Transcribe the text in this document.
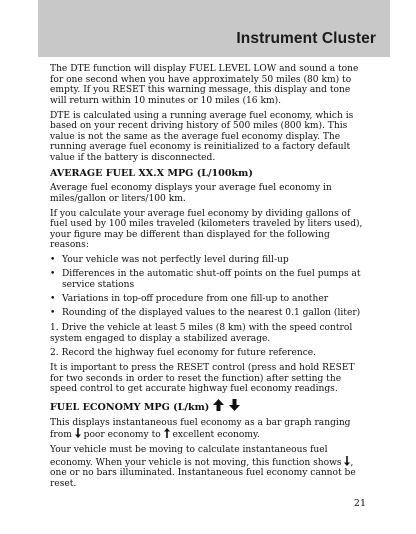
Instrument Cluster

The DTE function will display FUEL LEVEL LOW and sound a tone for one second when you have approximately 50 miles (80 km) to empty. If you RESET this warning message, this display and tone will return within 10 minutes or 10 miles (16 km).

DTE is calculated using a running average fuel economy, which is based on your recent driving history of 500 miles (800 km). This value is not the same as the average fuel economy display. The running average fuel economy is reinitialized to a factory default value if the battery is disconnected.

AVERAGE FUEL XX.X MPG (L/100km)

Average fuel economy displays your average fuel economy in miles/gallon or liters/100 km.

If you calculate your average fuel economy by dividing gallons of fuel used by 100 miles traveled (kilometers traveled by liters used), your figure may be different than displayed for the following reasons:

• Your vehicle was not perfectly level during fill-up
• Differences in the automatic shut-off points on the fuel pumps at service stations
• Variations in top-off procedure from one fill-up to another
• Rounding of the displayed values to the nearest 0.1 gallon (liter)

1. Drive the vehicle at least 5 miles (8 km) with the speed control system engaged to display a stabilized average.

2. Record the highway fuel economy for future reference.

It is important to press the RESET control (press and hold RESET for two seconds in order to reset the function) after setting the speed control to get accurate highway fuel economy readings.

FUEL ECONOMY MPG (L/km)

This displays instantaneous fuel economy as a bar graph ranging from poor economy to excellent economy.

Your vehicle must be moving to calculate instantaneous fuel economy. When your vehicle is not moving, this function shows , one or no bars illuminated. Instantaneous fuel economy cannot be reset.

21
